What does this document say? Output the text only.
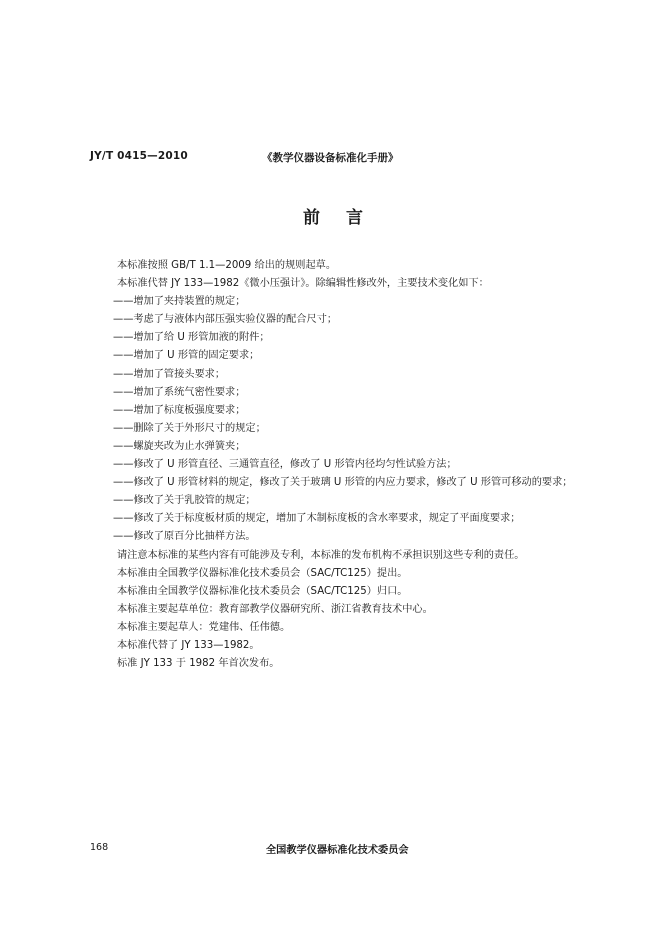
JY/T 0415—2010	《教学仪器设备标准化手册》
前言
本标准按照 GB/T 1.1—2009 给出的规则起草。
本标准代替 JY 133—1982《微小压强计》。除编辑性修改外，主要技术变化如下：
——增加了夹持装置的规定；
——考虑了与液体内部压强实验仪器的配合尺寸；
——增加了给 U 形管加液的附件；
——增加了 U 形管的固定要求；
——增加了管接头要求；
——增加了系统气密性要求；
——增加了标度板强度要求；
——删除了关于外形尺寸的规定；
——螺旋夹改为止水弹簧夹；
——修改了 U 形管直径、三通管直径，修改了 U 形管内径均匀性试验方法；
——修改了 U 形管材料的规定，修改了关于玻璃 U 形管的内应力要求，修改了 U 形管可移动的要求；
——修改了关于乳胶管的规定；
——修改了关于标度板材质的规定，增加了木制标度板的含水率要求，规定了平面度要求；
——修改了原百分比抽样方法。
请注意本标准的某些内容有可能涉及专利，本标准的发布机构不承担识别这些专利的责任。
本标准由全国教学仪器标准化技术委员会（SAC/TC125）提出。
本标准由全国教学仪器标准化技术委员会（SAC/TC125）归口。
本标准主要起草单位：教育部教学仪器研究所、浙江省教育技术中心。
本标准主要起草人：党建伟、任伟德。
本标准代替了 JY 133—1982。
标准 JY 133 于 1982 年首次发布。
168	全国教学仪器标准化技术委员会
